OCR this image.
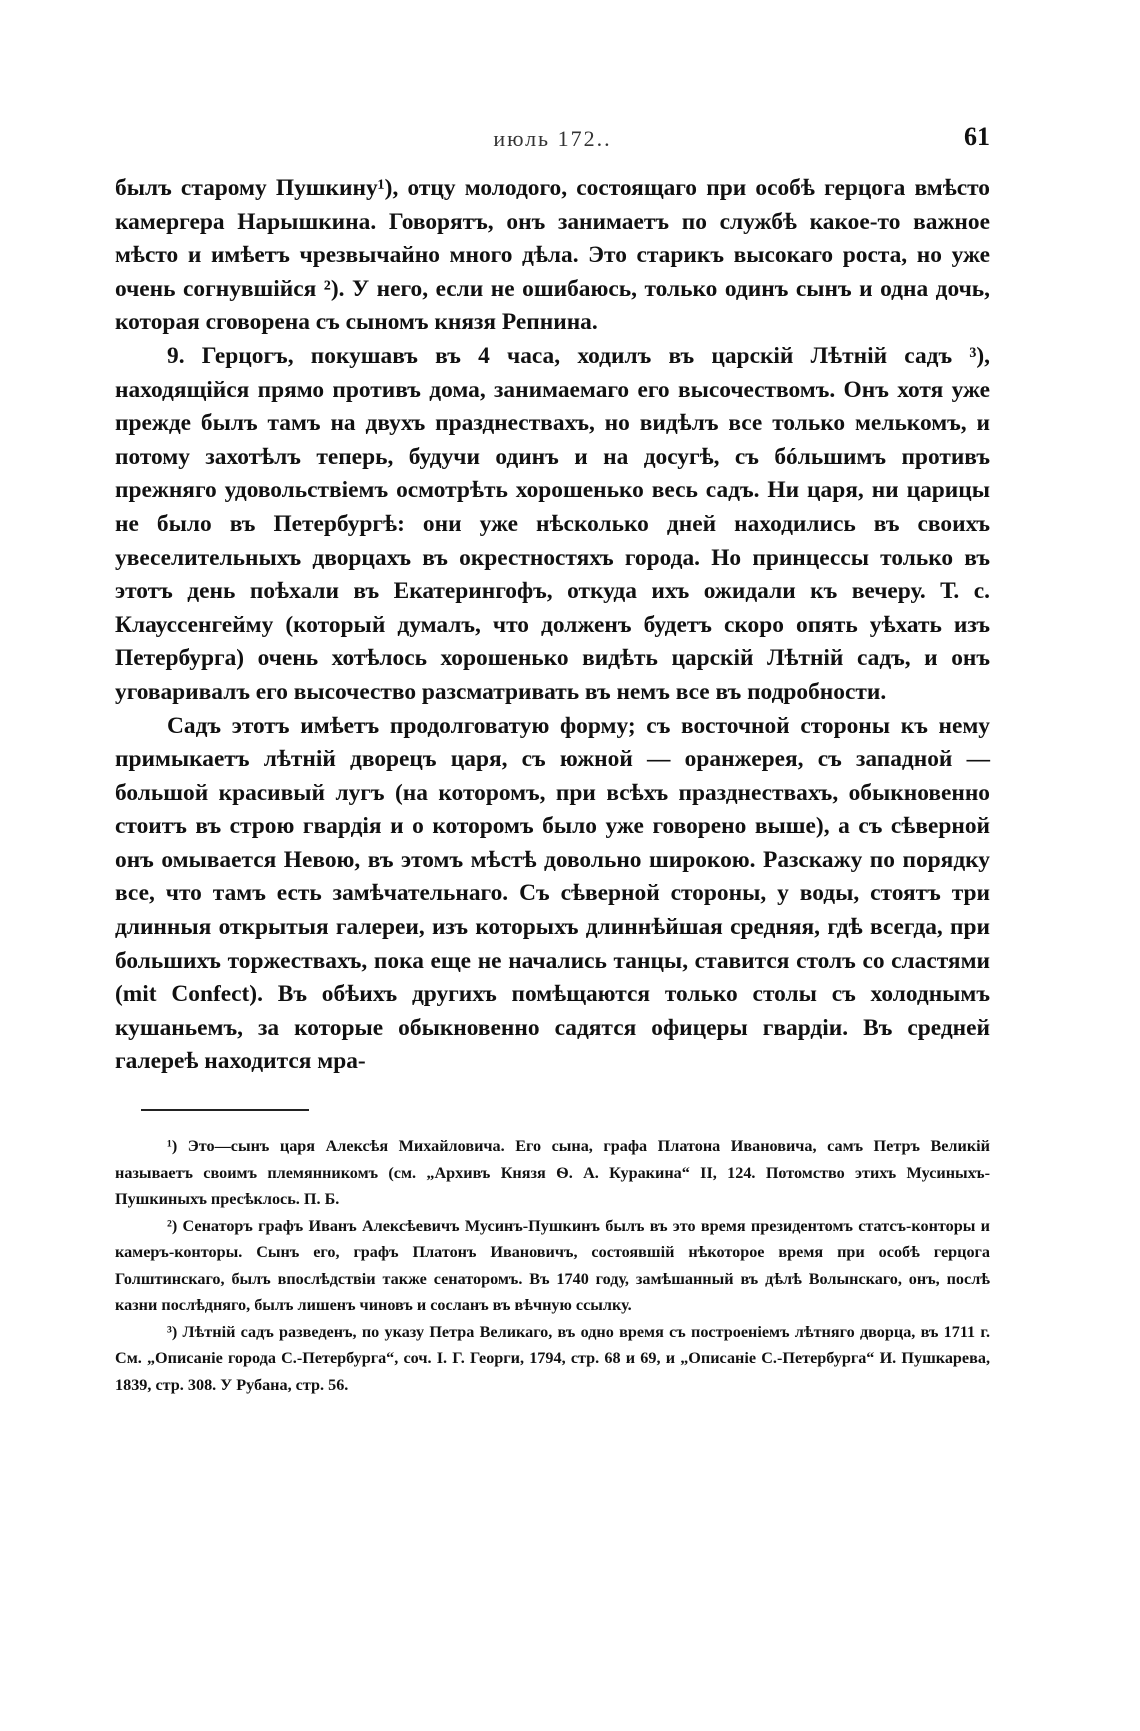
июль 172..	61

былъ старому Пушкину¹), отцу молодого, состоящаго при особѣ герцога вмѣсто камергера Нарышкина. Говорятъ, онъ занимаетъ по службѣ какое-то важное мѣсто и имѣетъ чрезвычайно много дѣла. Это старикъ высокаго роста, но уже очень согнувшійся ²). У него, если не ошибаюсь, только одинъ сынъ и одна дочь, которая сговорена съ сыномъ князя Репнина.

9. Герцогъ, покушавъ въ 4 часа, ходилъ въ царскій Лѣтній садъ ³), находящійся прямо противъ дома, занимаемаго его высочествомъ. Онъ хотя уже прежде былъ тамъ на двухъ празднествахъ, но видѣлъ все только мелькомъ, и потому захотѣлъ теперь, будучи одинъ и на досугѣ, съ бóльшимъ противъ прежняго удовольствіемъ осмотрѣть хорошенько весь садъ. Ни царя, ни царицы не было въ Петербургѣ: они уже нѣсколько дней находились въ своихъ увеселительныхъ дворцахъ въ окрестностяхъ города. Но принцессы только въ этотъ день поѣхали въ Екатерингофъ, откуда ихъ ожидали къ вечеру. Т. с. Клауссенгейму (который думалъ, что долженъ будетъ скоро опять уѣхать изъ Петербурга) очень хотѣлось хорошенько видѣть царскій Лѣтній садъ, и онъ уговаривалъ его высочество разсматривать въ немъ все въ подробности.

Садъ этотъ имѣетъ продолговатую форму; съ восточной стороны къ нему примыкаетъ лѣтній дворецъ царя, съ южной — оранжерея, съ западной — большой красивый лугъ (на которомъ, при всѣхъ празднествахъ, обыкновенно стоитъ въ строю гвардія и о которомъ было уже говорено выше), а съ сѣверной онъ омывается Невою, въ этомъ мѣстѣ довольно широкою. Разскажу по порядку все, что тамъ есть замѣчательнаго. Съ сѣверной стороны, у воды, стоятъ три длинныя открытыя галереи, изъ которыхъ длиннѣйшая средняя, гдѣ всегда, при большихъ торжествахъ, пока еще не начались танцы, ставится столъ со сластями (mit Confect). Въ обѣихъ другихъ помѣщаются только столы съ холоднымъ кушаньемъ, за которые обыкновенно садятся офицеры гвардіи. Въ средней галереѣ находится мра-

¹) Это—сынъ царя Алексѣя Михайловича. Его сына, графа Платона Ивановича, самъ Петръ Великій называетъ своимъ племянникомъ (см. „Архивъ Князя Ѳ. А. Куракина“ II, 124. Потомство этихъ Мусиныхъ-Пушкиныхъ пресѣклось. П. Б.

²) Сенаторъ графъ Иванъ Алексѣевичъ Мусинъ-Пушкинъ былъ въ это время президентомъ статсъ-конторы и камеръ-конторы. Сынъ его, графъ Платонъ Ивановичъ, состоявшій нѣкоторое время при особѣ герцога Голштинскаго, былъ впослѣдствіи также сенаторомъ. Въ 1740 году, замѣшанный въ дѣлѣ Волынскаго, онъ, послѣ казни послѣдняго, былъ лишенъ чиновъ и сосланъ въ вѣчную ссылку.

³) Лѣтній садъ разведенъ, по указу Петра Великаго, въ одно время съ построеніемъ лѣтняго дворца, въ 1711 г. См. „Описаніе города С.-Петербурга“, соч. І. Г. Георги, 1794, стр. 68 и 69, и „Описаніе С.-Петербурга“ И. Пушкарева, 1839, стр. 308. У Рубана, стр. 56.
